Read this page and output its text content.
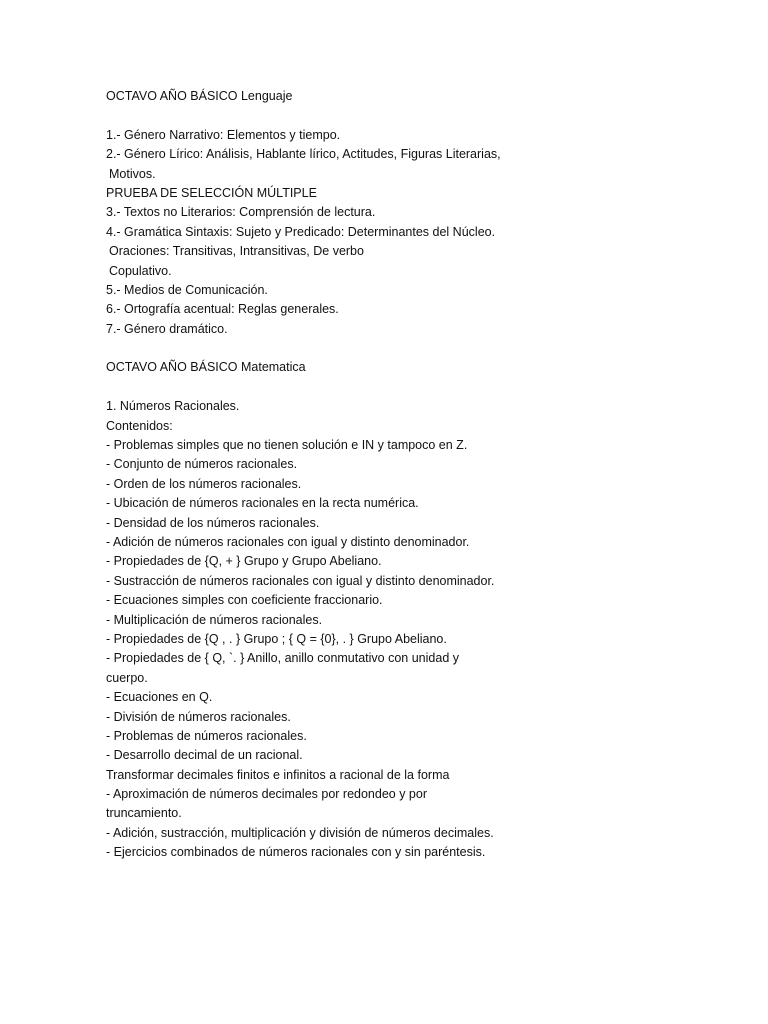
OCTAVO AÑO BÁSICO Lenguaje
1.- Género Narrativo: Elementos y tiempo.
2.- Género Lírico: Análisis, Hablante lírico, Actitudes, Figuras Literarias,
Motivos.
PRUEBA DE SELECCIÓN MÚLTIPLE
3.- Textos no Literarios: Comprensión de lectura.
4.- Gramática Sintaxis: Sujeto y Predicado: Determinantes del Núcleo.
Oraciones: Transitivas, Intransitivas, De verbo
Copulativo.
5.- Medios de Comunicación.
6.- Ortografía acentual: Reglas generales.
7.- Género dramático.
OCTAVO AÑO BÁSICO Matematica
1. Números Racionales.
Contenidos:
- Problemas simples que no tienen solución e IN y tampoco en Z.
- Conjunto de números racionales.
- Orden de los números racionales.
- Ubicación de números racionales en la recta numérica.
- Densidad de los números racionales.
- Adición de números racionales con igual y distinto denominador.
- Propiedades de {Q, + } Grupo y Grupo Abeliano.
- Sustracción de números racionales con igual y distinto denominador.
- Ecuaciones simples con coeficiente fraccionario.
- Multiplicación de números racionales.
- Propiedades de {Q , . } Grupo ; { Q = {0}, . } Grupo Abeliano.
- Propiedades de { Q, `. } Anillo, anillo conmutativo con unidad y
cuerpo.
- Ecuaciones en Q.
- División de números racionales.
- Problemas de números racionales.
- Desarrollo decimal de un racional.
Transformar decimales finitos e infinitos a racional de la forma
- Aproximación de números decimales por redondeo y por
truncamiento.
- Adición, sustracción, multiplicación y división de números decimales.
- Ejercicios combinados de números racionales con y sin paréntesis.
